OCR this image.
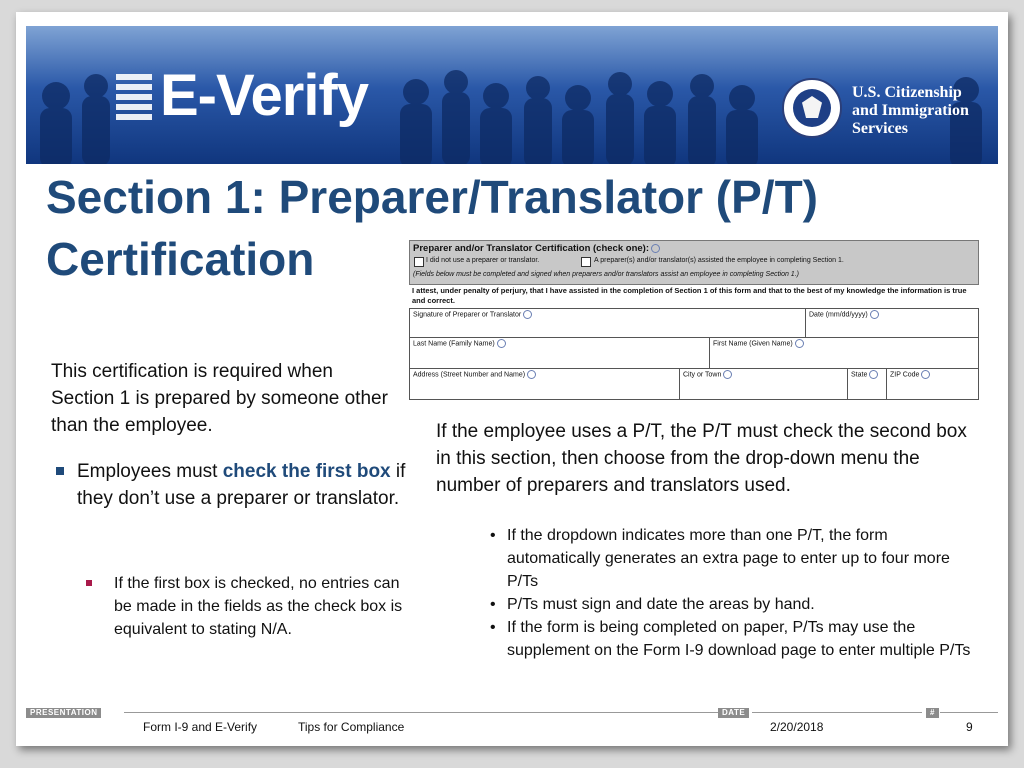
E-Verify	U.S. Citizenship
and Immigration
Services
Section 1: Preparer/Translator (P/T)
Certification	Preparer and/or Translator Certification (check one):
I did not use a preparer or translator.	A preparer(s) and/or translator(s) assisted the employee in completing Section 1.
(Fields below must be completed and signed when preparers and/or translators assist an employee in completing Section 1.)
I attest, under penalty of perjury, that I have assisted in the completion of Section 1 of this form and that to the best of my knowledge the information is true and correct.
Signature of Preparer or Translator	Date (mm/dd/yyyy)
Last Name (Family Name)	First Name (Given Name)
Address (Street Number and Name)	City or Town	State	ZIP Code

This certification is required when Section 1 is prepared by someone other than the employee.

Employees must check the first box if they don’t use a preparer or translator.
If the first box is checked, no entries can be made in the fields as the check box is equivalent to stating N/A.

If the employee uses a P/T, the P/T must check the second box in this section, then choose from the drop-down menu the number of preparers and translators used.

• If the dropdown indicates more than one P/T, the form automatically generates an extra page to enter up to four more P/Ts
• P/Ts must sign and date the areas by hand.
• If the form is being completed on paper, P/Ts may use the supplement on the Form I-9 download page to enter multiple P/Ts
PRESENTATION	DATE	#
Form I-9 and E-Verify	Tips for Compliance	2/20/2018	9
